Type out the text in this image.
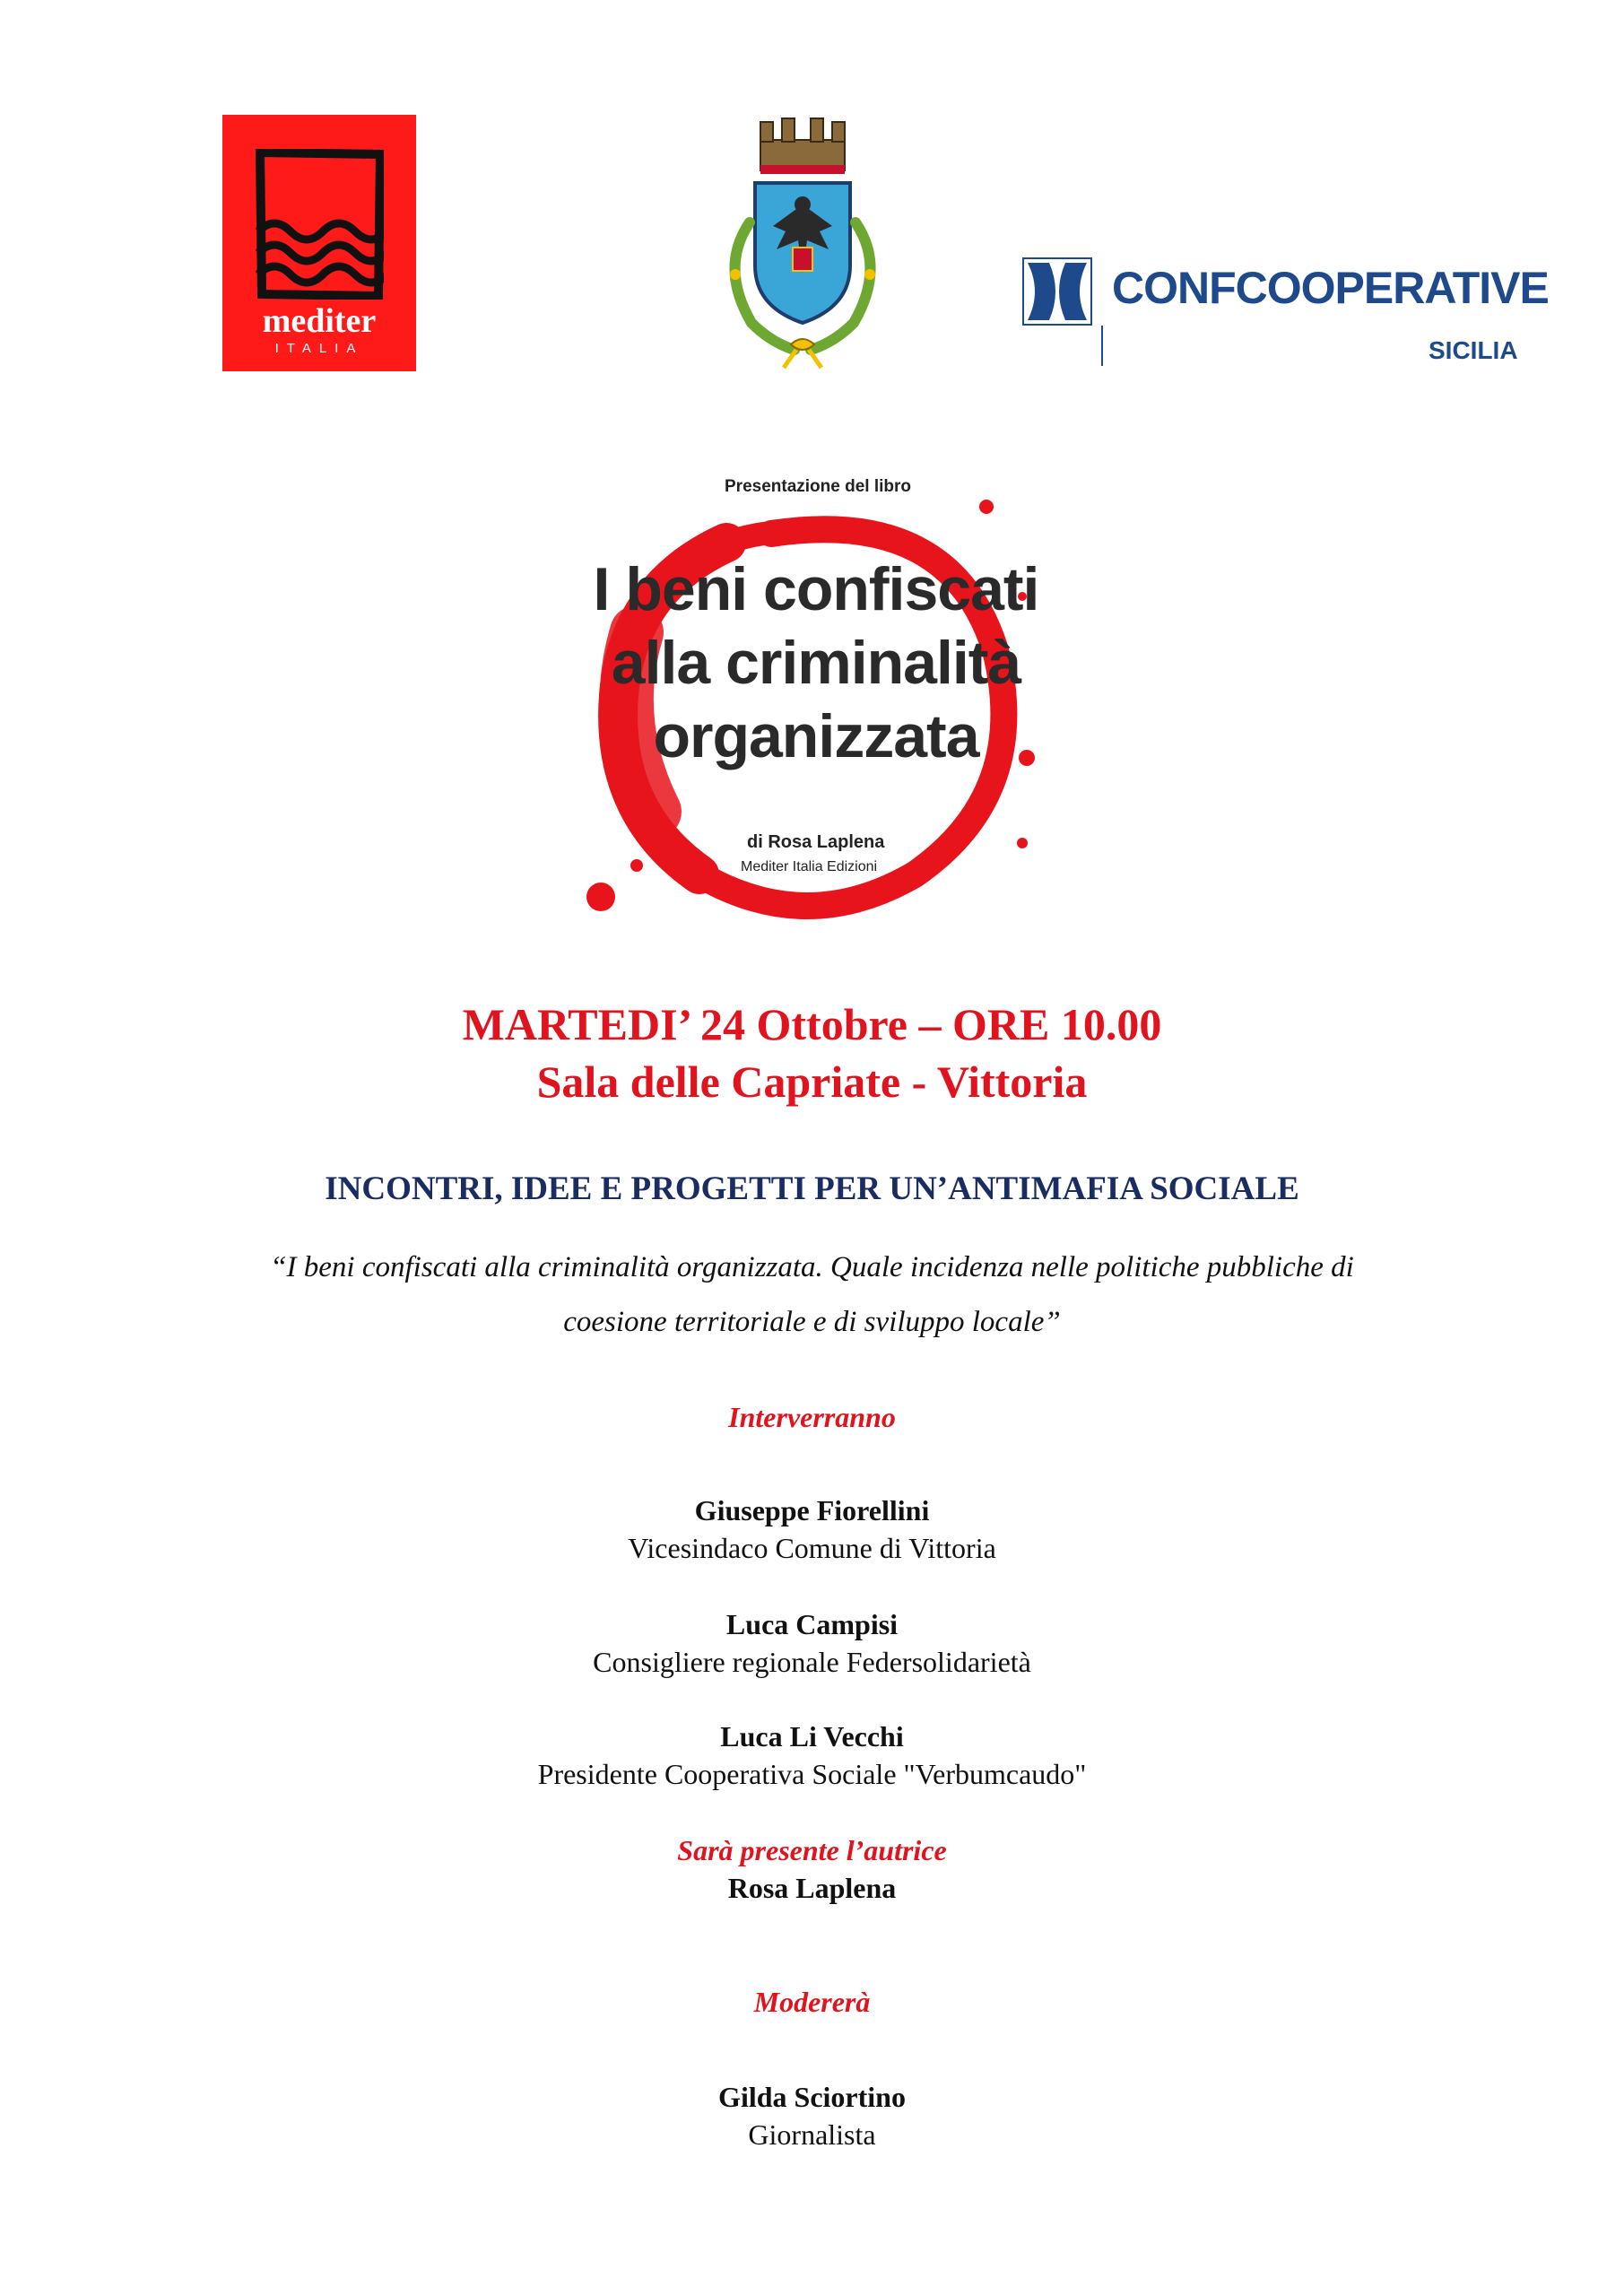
mediter
ITALIA
CONFCOOPERATIVE
SICILIA
Presentazione del libro
I beni confiscati
alla criminalità
organizzata
di Rosa Laplena
Mediter Italia Edizioni
MARTEDI’ 24 Ottobre – ORE 10.00
Sala delle Capriate - Vittoria
INCONTRI, IDEE E PROGETTI PER UN’ANTIMAFIA SOCIALE
“I beni confiscati alla criminalità organizzata. Quale incidenza nelle politiche pubbliche di
coesione territoriale e di sviluppo locale”
Interverranno
Giuseppe Fiorellini
Vicesindaco Comune di Vittoria
Luca Campisi
Consigliere regionale Federsolidarietà
Luca Li Vecchi
Presidente Cooperativa Sociale "Verbumcaudo"
Sarà presente l’autrice
Rosa Laplena
Modererà
Gilda Sciortino
Giornalista
